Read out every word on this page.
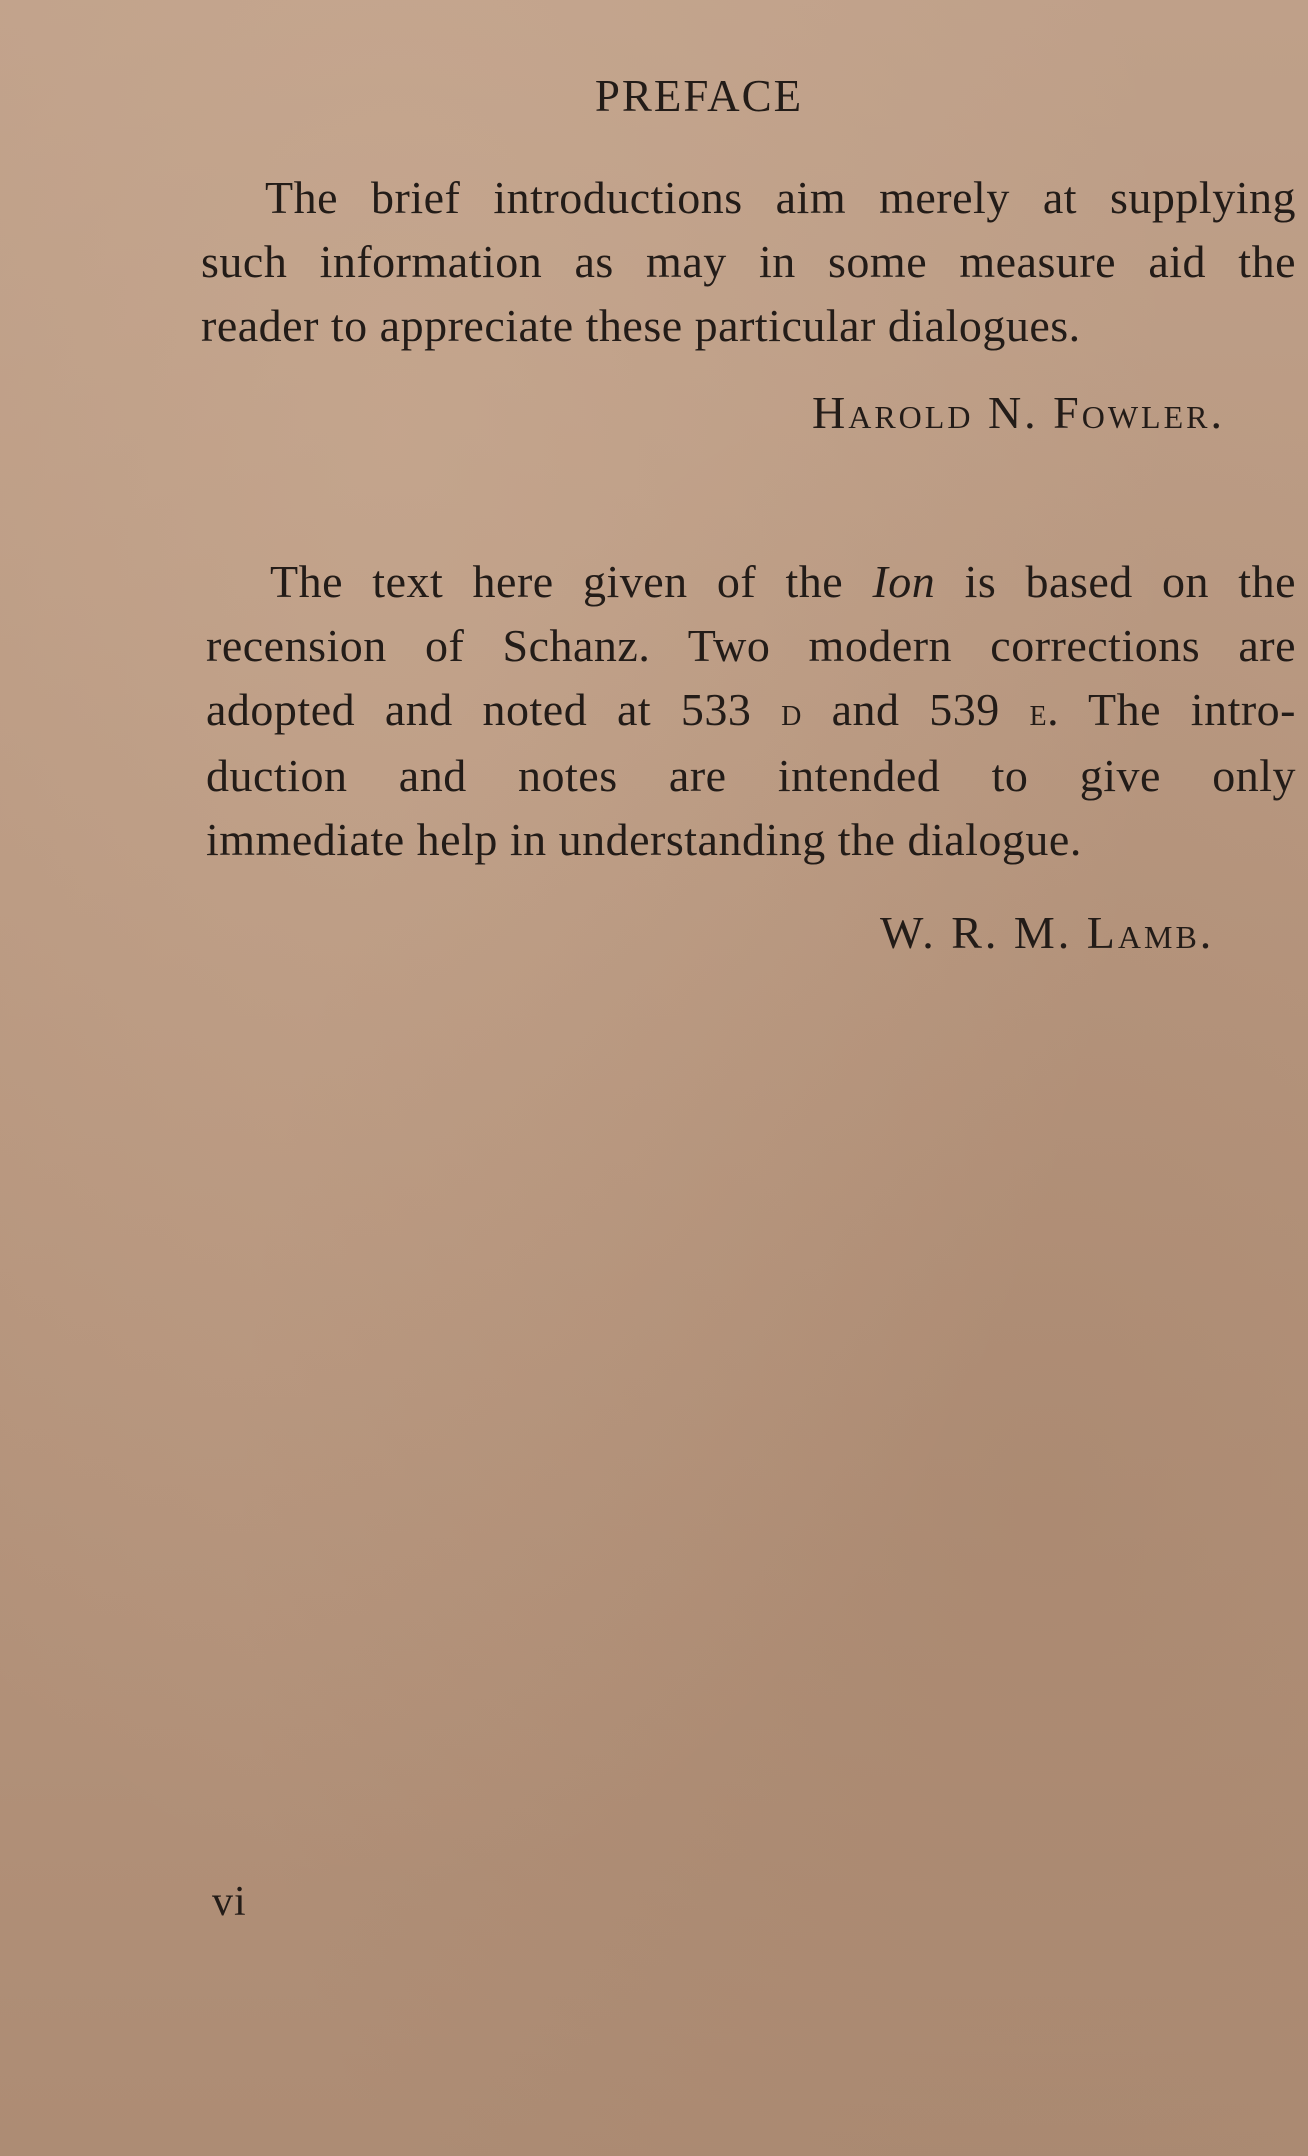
PREFACE

The brief introductions aim merely at supplying
such information as may in some measure aid the
reader to appreciate these particular dialogues.

Harold N. Fowler.

The text here given of the Ion is based on the
recension of Schanz. Two modern corrections are
adopted and noted at 533 d and 539 e. The intro-
duction and notes are intended to give only
immediate help in understanding the dialogue.

W. R. M. Lamb.
vi
